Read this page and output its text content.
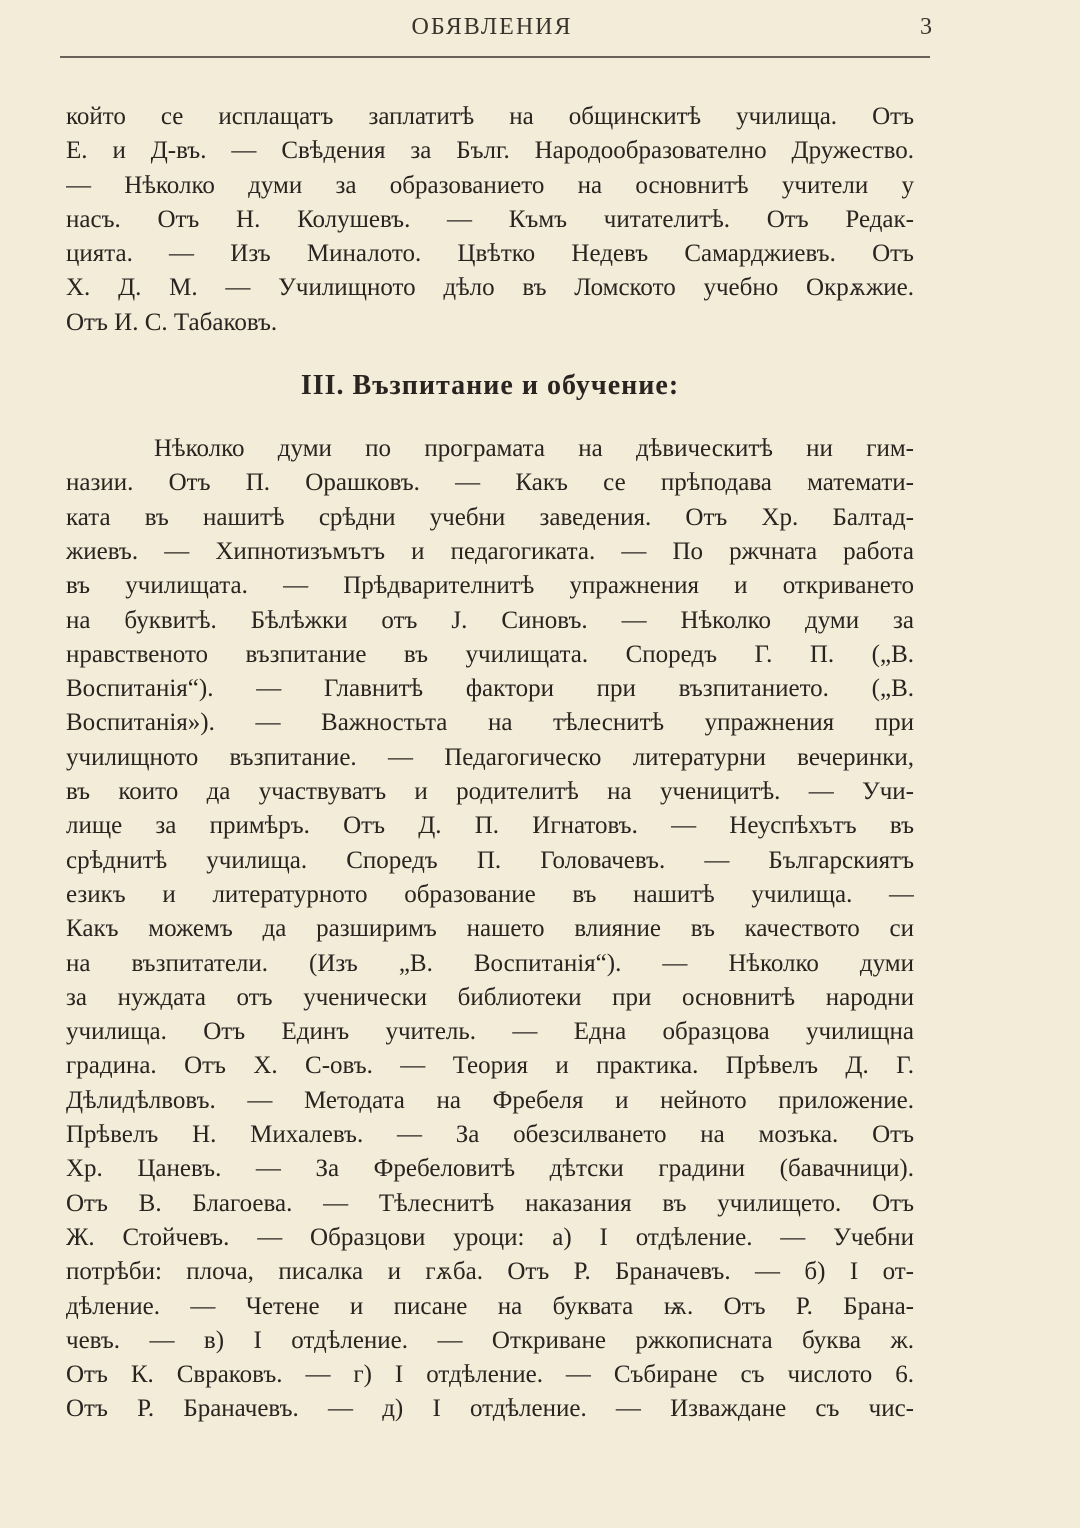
ОБЯВЛЕНИЯ	3
който се исплащатъ заплатитѣ на общинскитѣ училища. Отъ
Е. и Д-въ. — Свѣдения за Бълг. Народообразователно Дружество.
— Нѣколко думи за образованието на основнитѣ учители у
насъ. Отъ Н. Колушевъ. — Къмъ читателитѣ. Отъ Редак-
цията. — Изъ Миналото. Цвѣтко Недевъ Самарджиевъ. Отъ
Х. Д. М. — Училищното дѣло въ Ломското учебно Окрѫжие.
Отъ И. С. Табаковъ.
III. Възпитание и обучение:
Нѣколко думи по програмата на дѣвическитѣ ни гим-
назии. Отъ П. Орашковъ. — Какъ се прѣподава математи-
ката въ нашитѣ срѣдни учебни заведения. Отъ Хр. Балтад-
жиевъ. — Хипнотизъмътъ и педагогиката. — По ржчната работа
въ училищата. — Прѣдварителнитѣ упражнения и откриването
на буквитѣ. Бѣлѣжки отъ J. Синовъ. — Нѣколко думи за
нравственото възпитание въ училищата. Споредъ Г. П. („В.
Воспитанія“). — Главнитѣ фактори при възпитанието. („В.
Воспитанія»). — Важностьта на тѣлеснитѣ упражнения при
училищното възпитание. — Педагогическо литературни вечеринки,
въ които да участвуватъ и родителитѣ на ученицитѣ. — Учи-
лище за примѣръ. Отъ Д. П. Игнатовъ. — Неуспѣхътъ въ
срѣднитѣ училища. Споредъ П. Головачевъ. — Българскиятъ
езикъ и литературното образование въ нашитѣ училища. —
Какъ можемъ да разширимъ нашето влияние въ качеството си
на възпитатели. (Изъ „В. Воспитанія“). — Нѣколко думи
за нуждата отъ ученически библиотеки при основнитѣ народни
училища. Отъ Единъ учитель. — Една образцова училищна
градина. Отъ Х. С-овъ. — Теория и практика. Прѣвелъ Д. Г.
Дѣлидѣлвовъ. — Методата на Фребеля и нейното приложение.
Прѣвелъ Н. Михалевъ. — За обезсилването на мозъка. Отъ
Хр. Цаневъ. — За Фребеловитѣ дѣтски градини (бавачници).
Отъ В. Благоева. — Тѣлеснитѣ наказания въ училището. Отъ
Ж. Стойчевъ. — Образцови уроци: а) I отдѣление. — Учебни
потрѣби: плоча, писалка и гѫба. Отъ Р. Браначевъ. — б) I от-
дѣление. — Четене и писане на буквата ѭ. Отъ Р. Брана-
чевъ. — в) I отдѣление. — Откриване ржкописната буква ж.
Отъ К. Свраковъ. — г) I отдѣление. — Събиране съ числото 6.
Отъ Р. Браначевъ. — д) I отдѣление. — Изваждане съ чис-
